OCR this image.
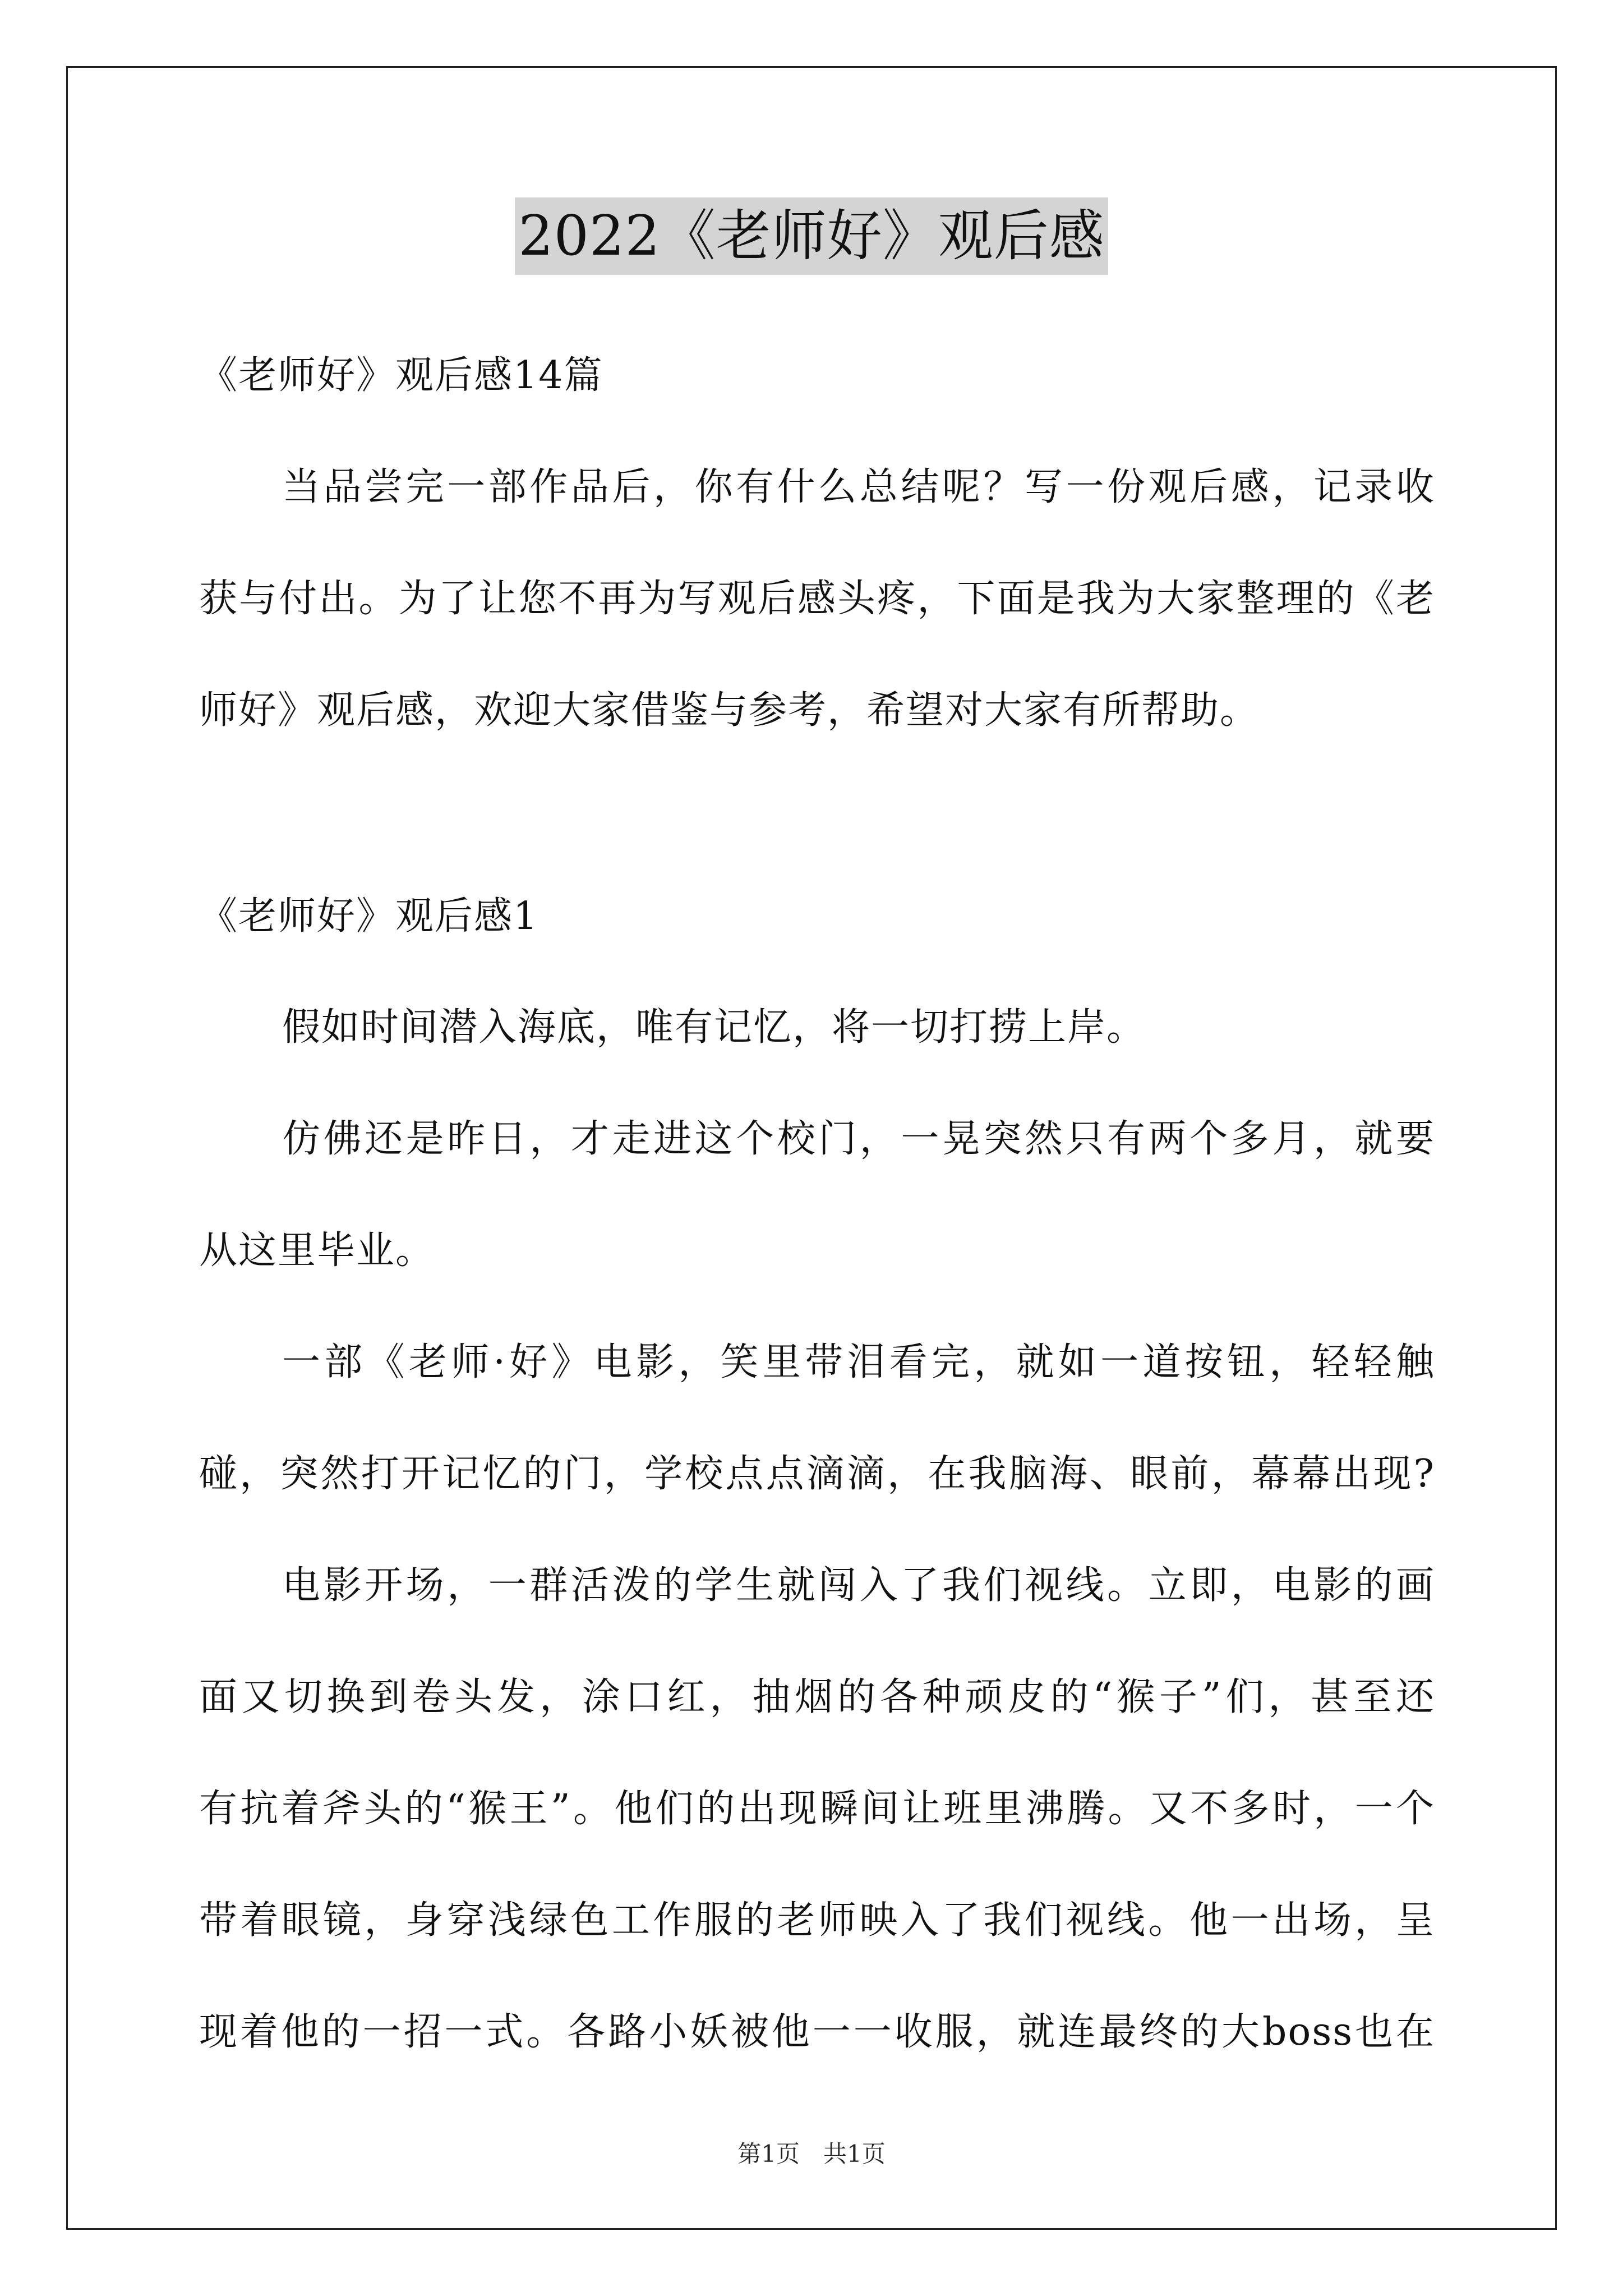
2022《老师好》观后感
《老师好》观后感14篇
当品尝完一部作品后，你有什么总结呢？写一份观后感，记录收
获与付出。为了让您不再为写观后感头疼，下面是我为大家整理的《老
师好》观后感，欢迎大家借鉴与参考，希望对大家有所帮助。
《老师好》观后感1
假如时间潜入海底，唯有记忆，将一切打捞上岸。
仿佛还是昨日，才走进这个校门，一晃突然只有两个多月，就要
从这里毕业。
一部《老师·好》电影，笑里带泪看完，就如一道按钮，轻轻触
碰，突然打开记忆的门，学校点点滴滴，在我脑海、眼前，幕幕出现?
电影开场，一群活泼的学生就闯入了我们视线。立即，电影的画
面又切换到卷头发，涂口红，抽烟的各种顽皮的“猴子”们，甚至还
有抗着斧头的“猴王”。他们的出现瞬间让班里沸腾。又不多时，一个
带着眼镜，身穿浅绿色工作服的老师映入了我们视线。他一出场，呈
现着他的一招一式。各路小妖被他一一收服，就连最终的大boss也在
第1页　共1页
